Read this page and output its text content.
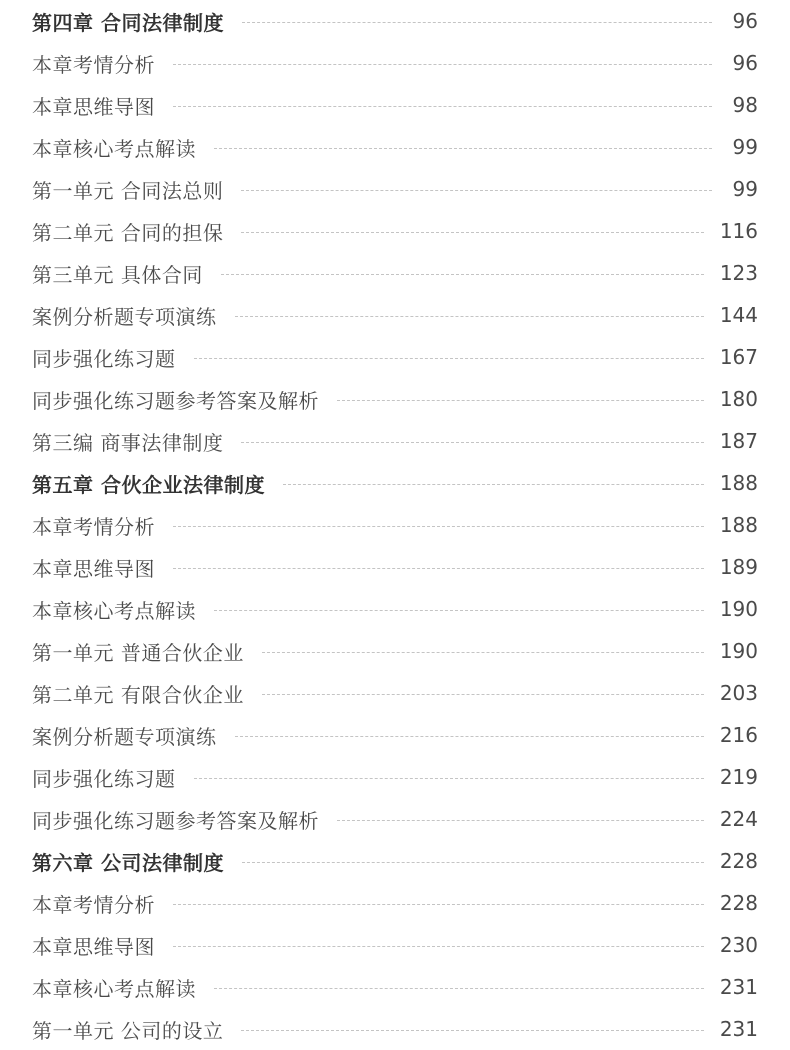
第四章 合同法律制度	96
本章考情分析	96
本章思维导图	98
本章核心考点解读	99
第一单元 合同法总则	99
第二单元 合同的担保	116
第三单元 具体合同	123
案例分析题专项演练	144
同步强化练习题	167
同步强化练习题参考答案及解析	180
第三编 商事法律制度	187
第五章 合伙企业法律制度	188
本章考情分析	188
本章思维导图	189
本章核心考点解读	190
第一单元 普通合伙企业	190
第二单元 有限合伙企业	203
案例分析题专项演练	216
同步强化练习题	219
同步强化练习题参考答案及解析	224
第六章 公司法律制度	228
本章考情分析	228
本章思维导图	230
本章核心考点解读	231
第一单元 公司的设立	231
